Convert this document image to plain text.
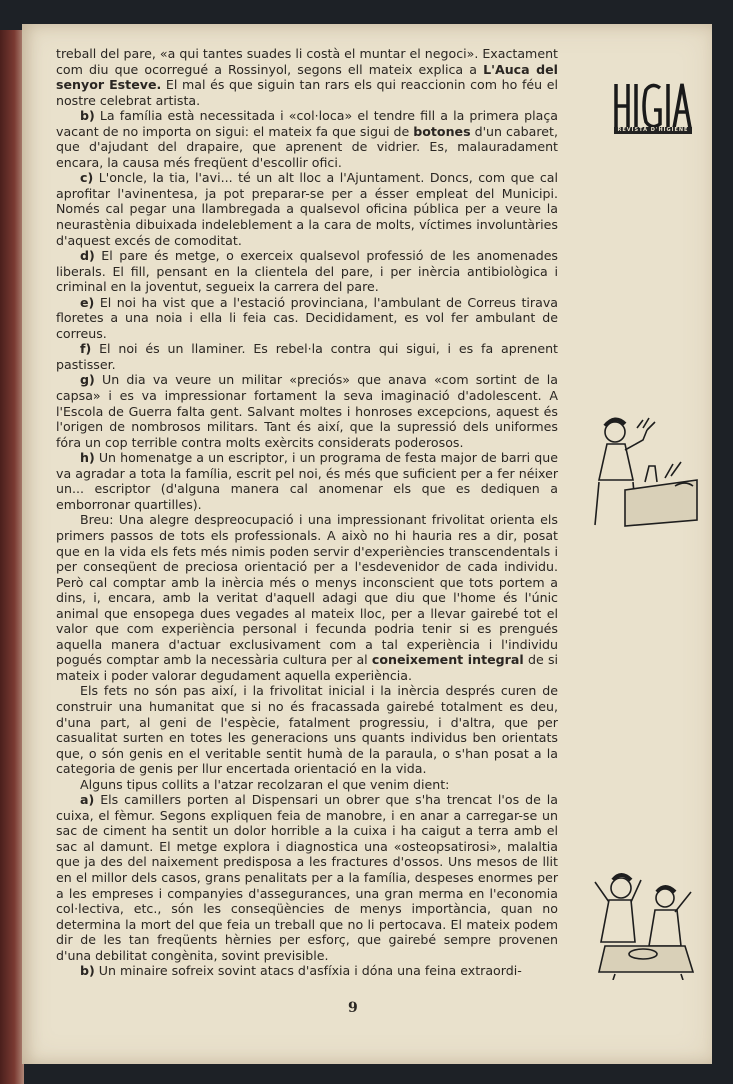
treball del pare, «a qui tantes suades li costà el muntar el negoci». Exactament com diu que ocorregué a Rossinyol, segons ell mateix explica a L'Auca del senyor Esteve. El mal és que siguin tan rars els qui reaccionin com ho féu el nostre celebrat artista.

b) La família està necessitada i «col·loca» el tendre fill a la primera plaça vacant de no importa on sigui: el mateix fa que sigui de botones d'un cabaret, que d'ajudant del drapaire, que aprenent de vidrier. Es, malauradament encara, la causa més freqüent d'escollir ofici.

c) L'oncle, la tia, l'avi... té un alt lloc a l'Ajuntament. Doncs, com que cal aprofitar l'avinentesa, ja pot preparar-se per a ésser empleat del Municipi. Només cal pegar una llambregada a qualsevol oficina pública per a veure la neurastènia dibuixada indeleblement a la cara de molts, víctimes involuntàries d'aquest excés de comoditat.

d) El pare és metge, o exerceix qualsevol professió de les anomenades liberals. El fill, pensant en la clientela del pare, i per inèrcia antibiològica i criminal en la joventut, segueix la carrera del pare.

e) El noi ha vist que a l'estació provinciana, l'ambulant de Correus tirava floretes a una noia i ella li feia cas. Decididament, es vol fer ambulant de correus.

f) El noi és un llaminer. Es rebel·la contra qui sigui, i es fa aprenent pastisser.

g) Un dia va veure un militar «preciós» que anava «com sortint de la capsa» i es va impressionar fortament la seva imaginació d'adolescent. A l'Escola de Guerra falta gent. Salvant moltes i honroses excepcions, aquest és l'origen de nombrosos militars. Tant és així, que la supressió dels uniformes fóra un cop terrible contra molts exèrcits considerats poderosos.

h) Un homenatge a un escriptor, i un programa de festa major de barri que va agradar a tota la família, escrit pel noi, és més que suficient per a fer néixer un... escriptor (d'alguna manera cal anomenar els que es dediquen a emborronar quartilles).

Breu: Una alegre despreocupació i una impressionant frivolitat orienta els primers passos de tots els professionals. A això no hi hauria res a dir, posat que en la vida els fets més nimis poden servir d'experiències transcendentals i per conseqüent de preciosa orientació per a l'esdevenidor de cada individu. Però cal comptar amb la inèrcia més o menys inconscient que tots portem a dins, i, encara, amb la veritat d'aquell adagi que diu que l'home és l'únic animal que ensopega dues vegades al mateix lloc, per a llevar gairebé tot el valor que com experiència personal i fecunda podria tenir si es prengués aquella manera d'actuar exclusivament com a tal experiència i l'individu pogués comptar amb la necessària cultura per al coneixement integral de si mateix i poder valorar degudament aquella experiència.

Els fets no són pas així, i la frivolitat inicial i la inèrcia després curen de construir una humanitat que si no és fracassada gairebé totalment es deu, d'una part, al geni de l'espècie, fatalment progressiu, i d'altra, que per casualitat surten en totes les generacions uns quants individus ben orientats que, o són genis en el veritable sentit humà de la paraula, o s'han posat a la categoria de genis per llur encertada orientació en la vida.

Alguns tipus collits a l'atzar recolzaran el que venim dient:

a) Els camillers porten al Dispensari un obrer que s'ha trencat l'os de la cuixa, el fèmur. Segons expliquen feia de manobre, i en anar a carregar-se un sac de ciment ha sentit un dolor horrible a la cuixa i ha caigut a terra amb el sac al damunt. El metge explora i diagnostica una «osteopsatirosi», malaltia que ja des del naixement predisposa a les fractures d'ossos. Uns mesos de llit en el millor dels casos, grans penalitats per a la família, despeses enormes per a les empreses i companyies d'assegurances, una gran merma en l'economia col·lectiva, etc., són les conseqüències de menys importància, quan no determina la mort del que feia un treball que no li pertocava. El mateix podem dir de les tan freqüents hèrnies per esforç, que gairebé sempre provenen d'una debilitat congènita, sovint previsible.

b) Un minaire sofreix sovint atacs d'asfíxia i dóna una feina extraordi-

REVISTA D'HIGIENE
9
